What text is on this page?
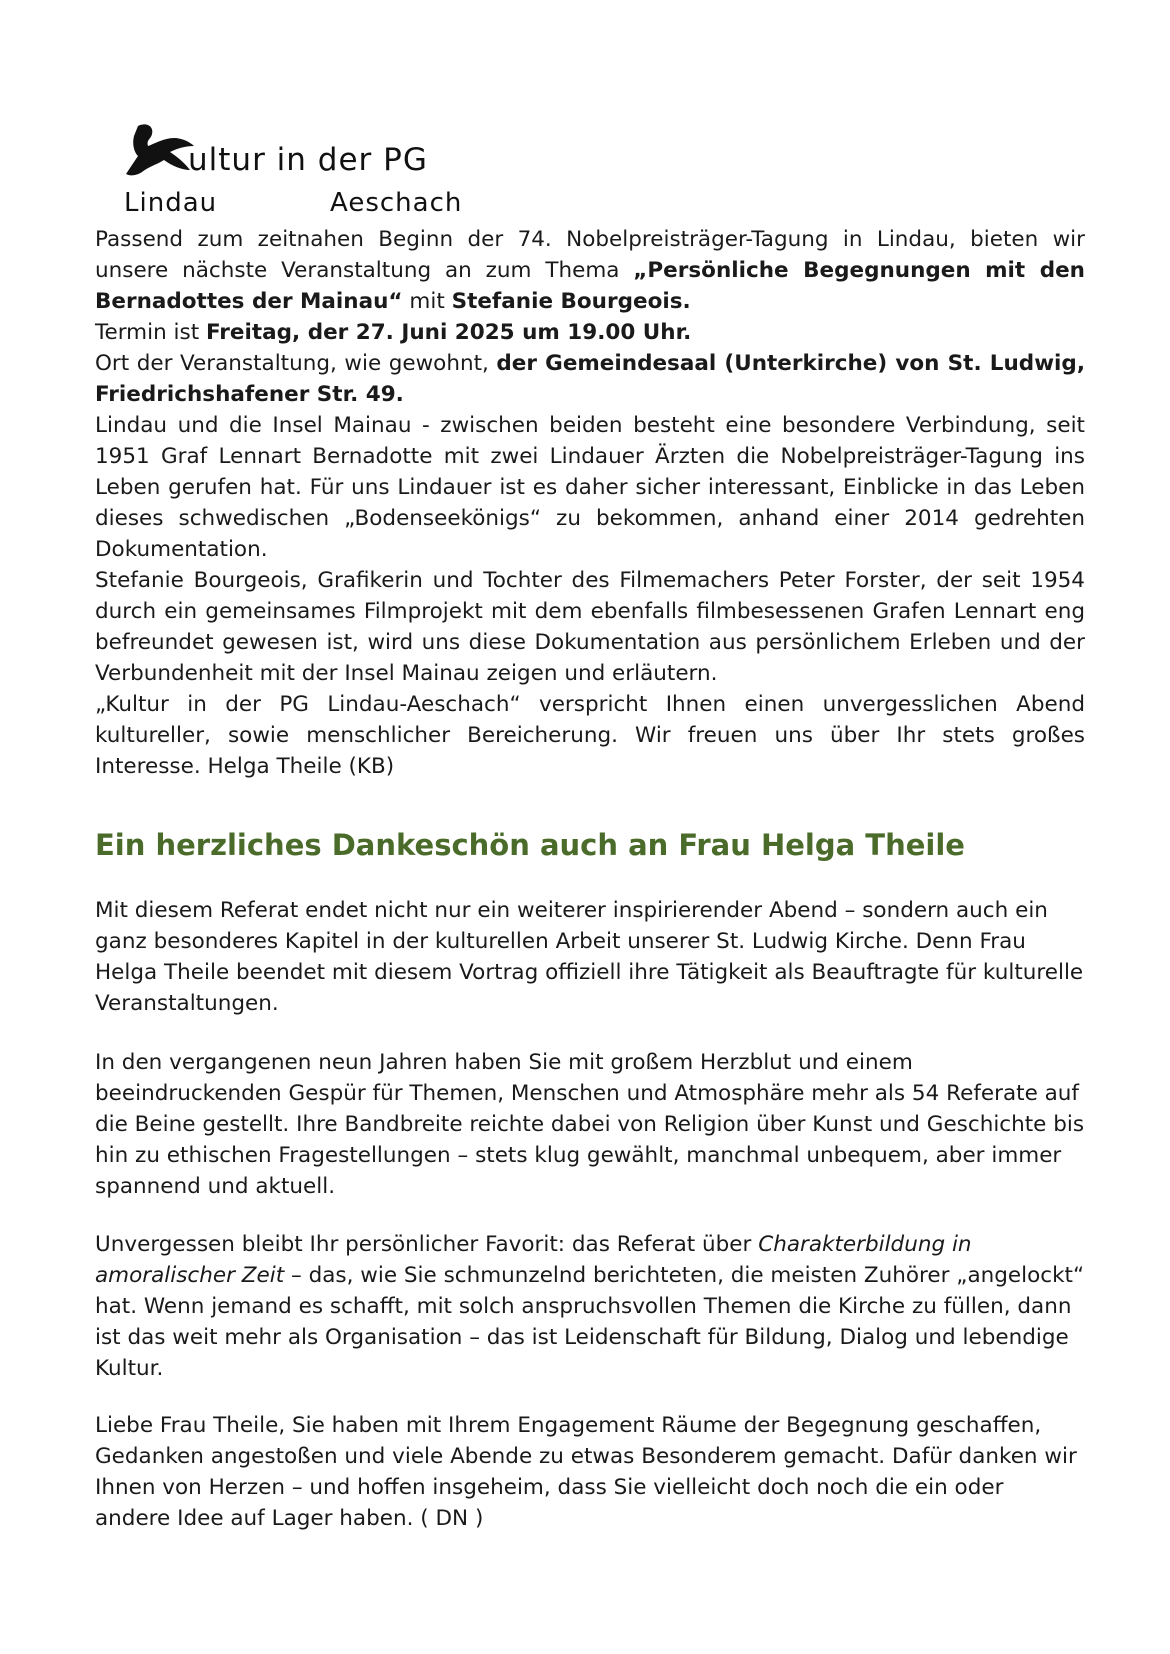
ultur in der PG
Lindau	Aeschach

Passend zum zeitnahen Beginn der 74. Nobelpreisträger-Tagung in Lindau, bieten wir unsere nächste Veranstaltung an zum Thema „Persönliche Begegnungen mit den Bernadottes der Mainau“ mit Stefanie Bourgeois.

Termin ist Freitag, der 27. Juni 2025 um 19.00 Uhr.

Ort der Veranstaltung, wie gewohnt, der Gemeindesaal (Unterkirche) von St. Ludwig, Friedrichshafener Str. 49.

Lindau und die Insel Mainau - zwischen beiden besteht eine besondere Verbindung, seit 1951 Graf Lennart Bernadotte mit zwei Lindauer Ärzten die Nobelpreisträger-Tagung ins Leben gerufen hat. Für uns Lindauer ist es daher sicher interessant, Einblicke in das Leben dieses schwedischen „Bodenseekönigs“ zu bekommen, anhand einer 2014 gedrehten Dokumentation.

Stefanie Bourgeois, Grafikerin und Tochter des Filmemachers Peter Forster, der seit 1954 durch ein gemeinsames Filmprojekt mit dem ebenfalls filmbesessenen Grafen Lennart eng befreundet gewesen ist, wird uns diese Dokumentation aus persönlichem Erleben und der Verbundenheit mit der Insel Mainau zeigen und erläutern.

„Kultur in der PG Lindau-Aeschach“ verspricht Ihnen einen unvergesslichen Abend kultureller, sowie menschlicher Bereicherung. Wir freuen uns über Ihr stets großes Interesse. Helga Theile (KB)

Ein herzliches Dankeschön auch an Frau Helga Theile

Mit diesem Referat endet nicht nur ein weiterer inspirierender Abend – sondern auch ein ganz besonderes Kapitel in der kulturellen Arbeit unserer St. Ludwig Kirche. Denn Frau Helga Theile beendet mit diesem Vortrag offiziell ihre Tätigkeit als Beauftragte für kulturelle Veranstaltungen.

In den vergangenen neun Jahren haben Sie mit großem Herzblut und einem beeindruckenden Gespür für Themen, Menschen und Atmosphäre mehr als 54 Referate auf die Beine gestellt. Ihre Bandbreite reichte dabei von Religion über Kunst und Geschichte bis hin zu ethischen Fragestellungen – stets klug gewählt, manchmal unbequem, aber immer spannend und aktuell.

Unvergessen bleibt Ihr persönlicher Favorit: das Referat über Charakterbildung in amoralischer Zeit – das, wie Sie schmunzelnd berichteten, die meisten Zuhörer „angelockt“ hat. Wenn jemand es schafft, mit solch anspruchsvollen Themen die Kirche zu füllen, dann ist das weit mehr als Organisation – das ist Leidenschaft für Bildung, Dialog und lebendige Kultur.

Liebe Frau Theile, Sie haben mit Ihrem Engagement Räume der Begegnung geschaffen, Gedanken angestoßen und viele Abende zu etwas Besonderem gemacht. Dafür danken wir Ihnen von Herzen – und hoffen insgeheim, dass Sie vielleicht doch noch die ein oder andere Idee auf Lager haben. ( DN )
